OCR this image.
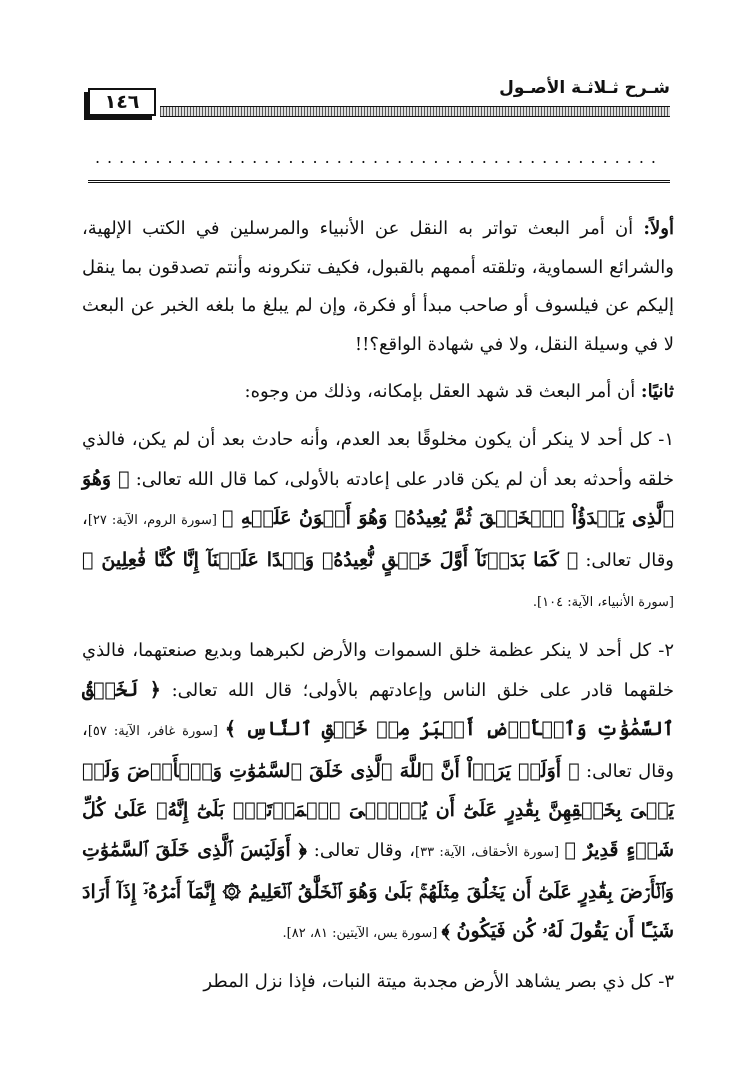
شـرح ثـلاثـة الأصـول
١٤٦
...............................................

أولاً: أن أمر البعث تواتر به النقل عن الأنبياء والمرسلين في الكتب الإلهية، والشرائع السماوية، وتلقته أممهم بالقبول، فكيف تنكرونه وأنتم تصدقون بما ينقل إليكم عن فيلسوف أو صاحب مبدأ أو فكرة، وإن لم يبلغ ما بلغه الخبر عن البعث لا في وسيلة النقل، ولا في شهادة الواقع؟!!

ثانيًا: أن أمر البعث قد شهد العقل بإمكانه، وذلك من وجوه:

١- كل أحد لا ينكر أن يكون مخلوقًا بعد العدم، وأنه حادث بعد أن لم يكن، فالذي خلقه وأحدثه بعد أن لم يكن قادر على إعادته بالأولى، كما قال الله تعالى: ﴿ وَهُوَ ٱلَّذِى يَبۡدَؤُاْ ٱلۡخَلۡقَ ثُمَّ يُعِيدُهُۥ وَهُوَ أَهۡوَنُ عَلَيۡهِ ﴾ [سورة الروم، الآية: ٢٧]، وقال تعالى: ﴿ كَمَا بَدَأۡنَآ أَوَّلَ خَلۡقٍ نُّعِيدُهُۥ وَعۡدًا عَلَيۡنَآ إِنَّا كُنَّا فَٰعِلِينَ ﴾ [سورة الأنبياء، الآية: ١٠٤].

٢- كل أحد لا ينكر عظمة خلق السموات والأرض لكبرهما وبديع صنعتهما، فالذي خلقهما قادر على خلق الناس وإعادتهم بالأولى؛ قال الله تعالى: ﴿ لَخَلۡقُ ٱلسَّمَٰوَٰتِ وَٱلۡأَرۡضِ أَكۡبَرُ مِنۡ خَلۡقِ ٱلنَّاسِ ﴾ [سورة غافر، الآية: ٥٧]، وقال تعالى: ﴿ أَوَلَمۡ يَرَوۡاْ أَنَّ ٱللَّهَ ٱلَّذِى خَلَقَ ٱلسَّمَٰوَٰتِ وَٱلۡأَرۡضَ وَلَمۡ يَعۡىَ بِخَلۡقِهِنَّ بِقَٰدِرٍ عَلَىٰٓ أَن يُحۡـِۧىَ ٱلۡمَوۡتَىٰۚ بَلَىٰٓ إِنَّهُۥ عَلَىٰ كُلِّ شَىۡءٍ قَدِيرٌ ﴾ [سورة الأحقاف، الآية: ٣٣]، وقال تعالى: ﴿ أَوَلَيۡسَ ٱلَّذِى خَلَقَ ٱلسَّمَٰوَٰتِ وَٱلۡأَرۡضَ بِقَٰدِرٍ عَلَىٰٓ أَن يَخۡلُقَ مِثۡلَهُمۚ بَلَىٰ وَهُوَ ٱلۡخَلَّٰقُ ٱلۡعَلِيمُ ۞ إِنَّمَآ أَمۡرُهُۥٓ إِذَآ أَرَادَ شَيۡـًٔا أَن يَقُولَ لَهُۥ كُن فَيَكُونُ ﴾ [سورة يس، الآيتين: ٨١، ٨٢].

٣- كل ذي بصر يشاهد الأرض مجدبة ميتة النبات، فإذا نزل المطر
